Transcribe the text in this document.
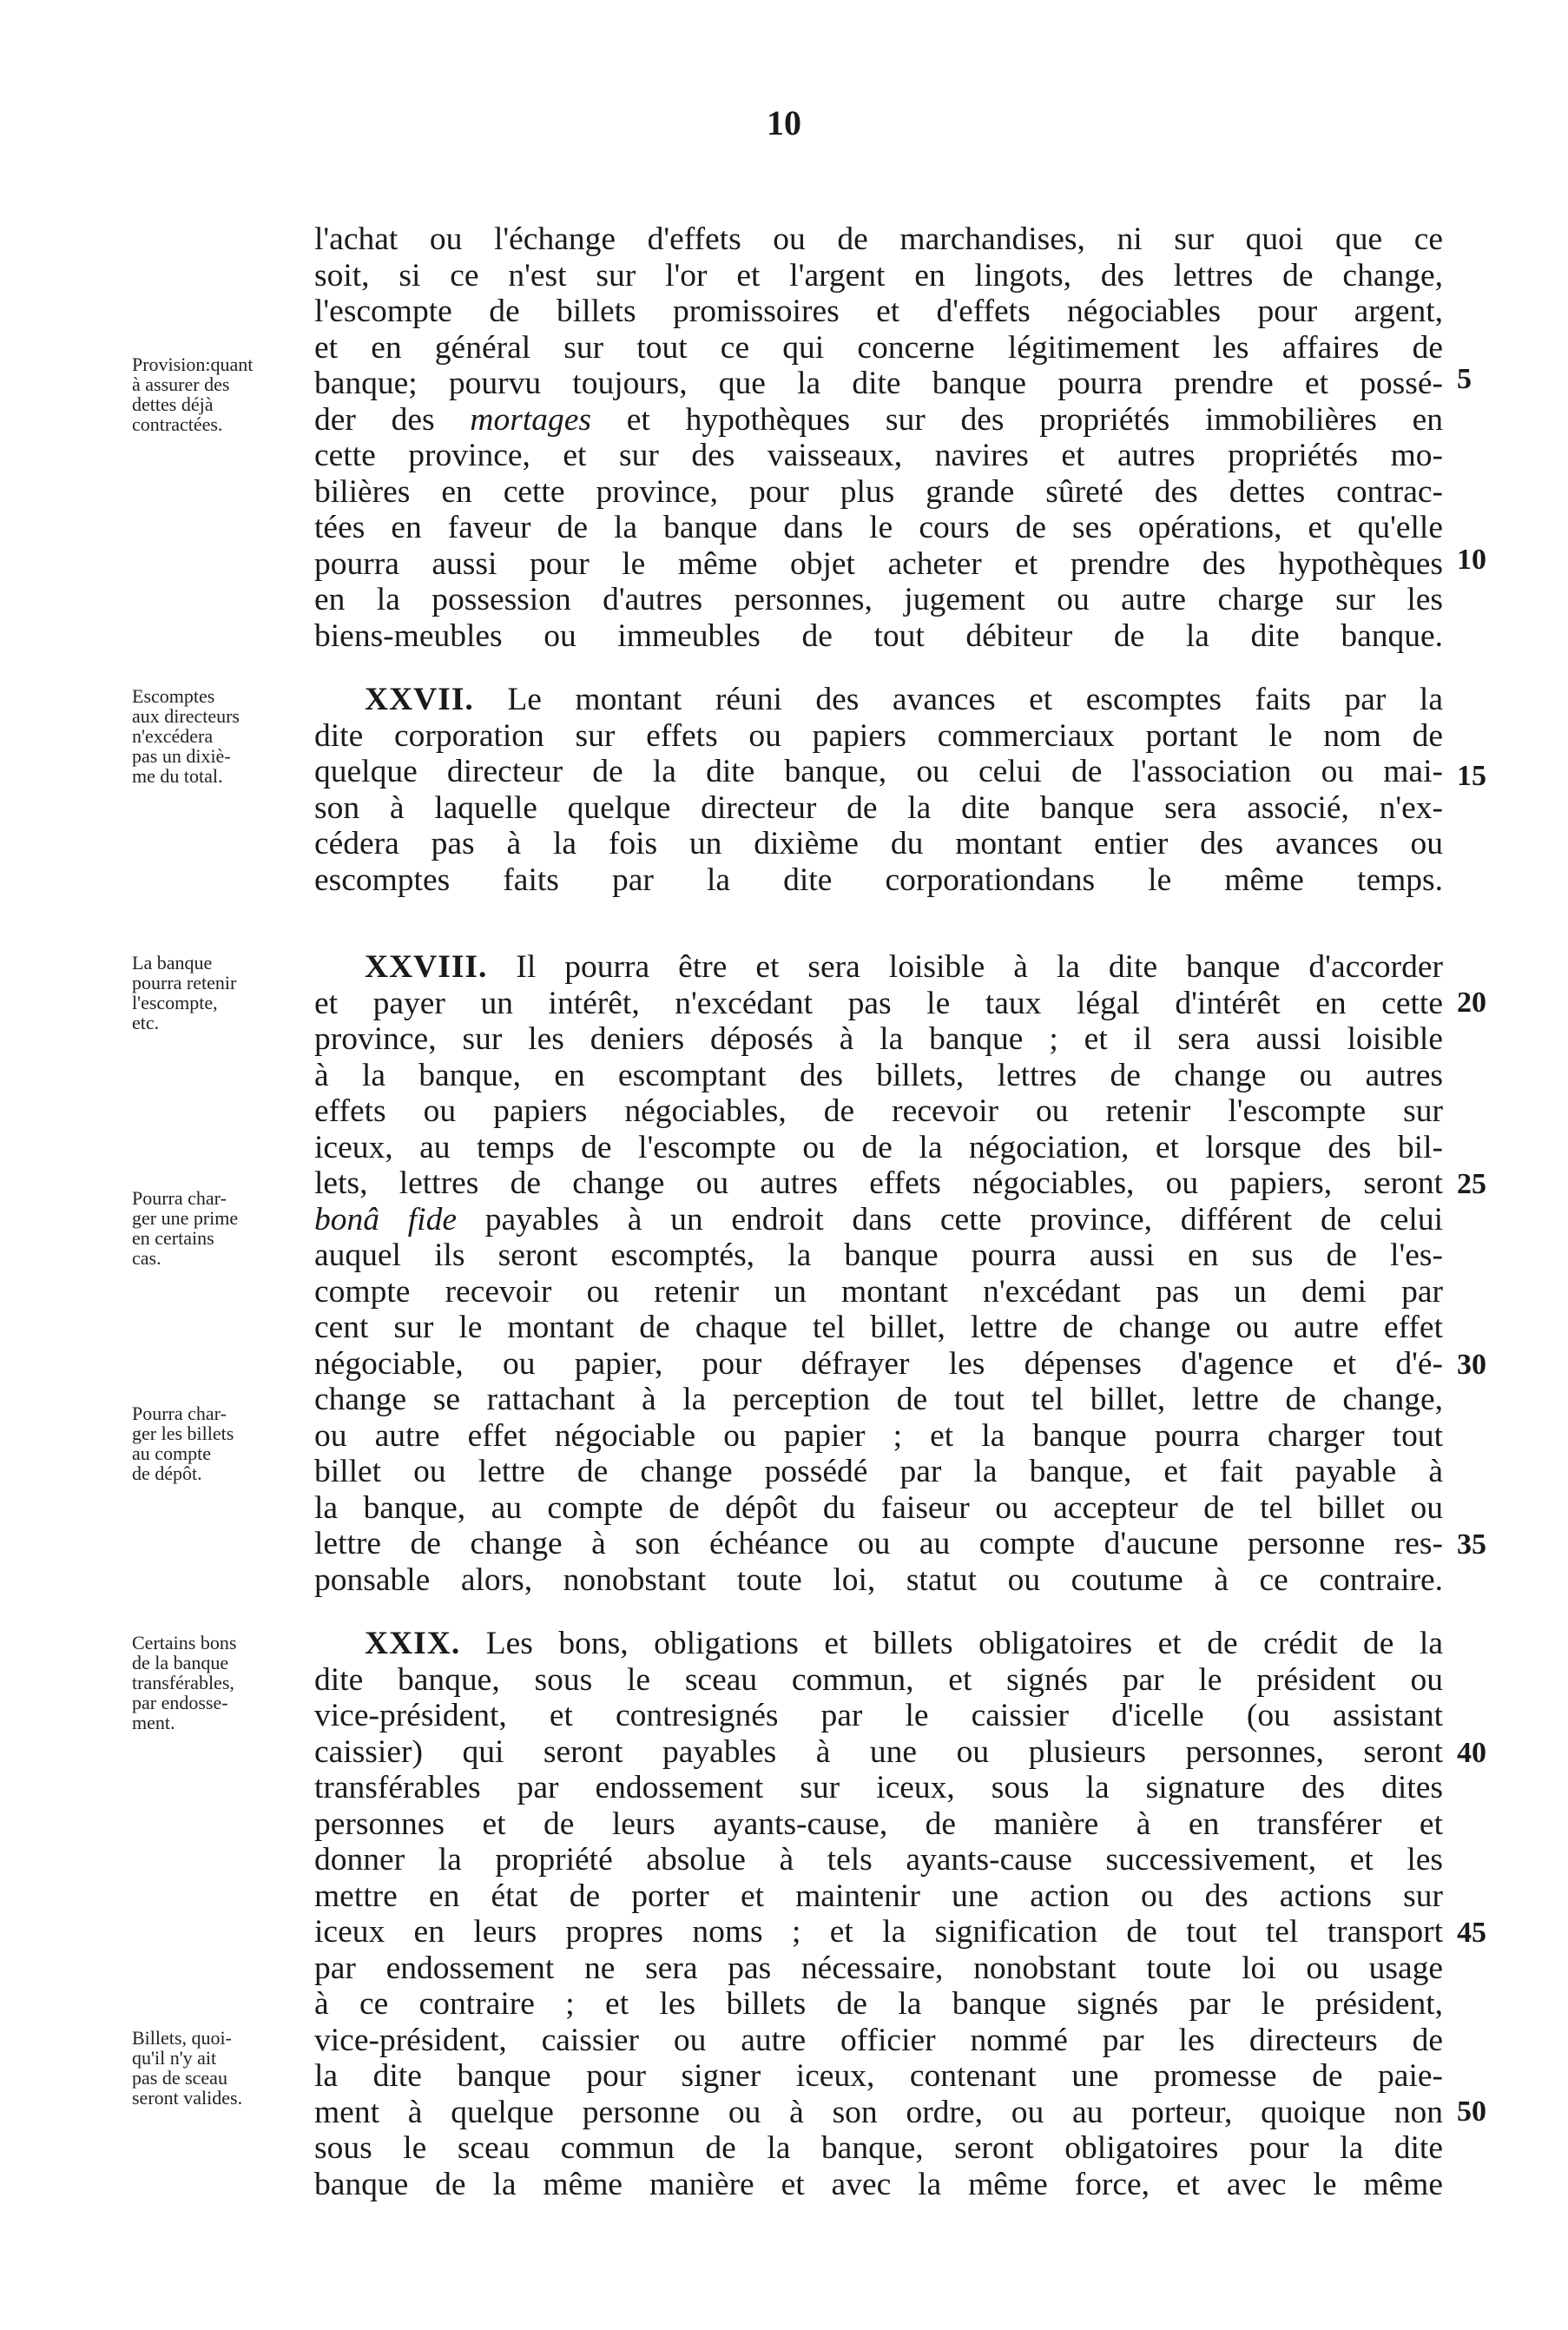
10
l'achat ou l'échange d'effets ou de marchandises, ni sur quoi que ce
soit, si ce n'est sur l'or et l'argent en lingots, des lettres de change,
l'escompte de billets promissoires et d'effets négociables pour argent,
et en général sur tout ce qui concerne légitimement les affaires de
banque; pourvu toujours, que la dite banque pourra prendre et possé-
der des mortages et hypothèques sur des propriétés immobilières en
cette province, et sur des vaisseaux, navires et autres propriétés mo-
bilières en cette province, pour plus grande sûreté des dettes contrac-
tées en faveur de la banque dans le cours de ses opérations, et qu'elle
pourra aussi pour le même objet acheter et prendre des hypothèques
en la possession d'autres personnes, jugement ou autre charge sur les
biens-meubles ou immeubles de tout débiteur de la dite banque.
XXVII. Le montant réuni des avances et escomptes faits par la
dite corporation sur effets ou papiers commerciaux portant le nom de
quelque directeur de la dite banque, ou celui de l'association ou mai-
son à laquelle quelque directeur de la dite banque sera associé, n'ex-
cédera pas à la fois un dixième du montant entier des avances ou
escomptes faits par la dite corporationdans le même temps.
XXVIII. Il pourra être et sera loisible à la dite banque d'accorder
et payer un intérêt, n'excédant pas le taux légal d'intérêt en cette
province, sur les deniers déposés à la banque ; et il sera aussi loisible
à la banque, en escomptant des billets, lettres de change ou autres
effets ou papiers négociables, de recevoir ou retenir l'escompte sur
iceux, au temps de l'escompte ou de la négociation, et lorsque des bil-
lets, lettres de change ou autres effets négociables, ou papiers, seront
bonâ fide payables à un endroit dans cette province, différent de celui
auquel ils seront escomptés, la banque pourra aussi en sus de l'es-
compte recevoir ou retenir un montant n'excédant pas un demi par
cent sur le montant de chaque tel billet, lettre de change ou autre effet
négociable, ou papier, pour défrayer les dépenses d'agence et d'é-
change se rattachant à la perception de tout tel billet, lettre de change,
ou autre effet négociable ou papier ; et la banque pourra charger tout
billet ou lettre de change possédé par la banque, et fait payable à
la banque, au compte de dépôt du faiseur ou accepteur de tel billet ou
lettre de change à son échéance ou au compte d'aucune personne res-
ponsable alors, nonobstant toute loi, statut ou coutume à ce contraire.
XXIX. Les bons, obligations et billets obligatoires et de crédit de la
dite banque, sous le sceau commun, et signés par le président ou
vice-président, et contresignés par le caissier d'icelle (ou assistant
caissier) qui seront payables à une ou plusieurs personnes, seront
transférables par endossement sur iceux, sous la signature des dites
personnes et de leurs ayants-cause, de manière à en transférer et
donner la propriété absolue à tels ayants-cause successivement, et les
mettre en état de porter et maintenir une action ou des actions sur
iceux en leurs propres noms ; et la signification de tout tel transport
par endossement ne sera pas nécessaire, nonobstant toute loi ou usage
à ce contraire ; et les billets de la banque signés par le président,
vice-président, caissier ou autre officier nommé par les directeurs de
la dite banque pour signer iceux, contenant une promesse de paie-
ment à quelque personne ou à son ordre, ou au porteur, quoique non
sous le sceau commun de la banque, seront obligatoires pour la dite
banque de la même manière et avec la même force, et avec le même
Provision:quant
à assurer des
dettes déjà
contractées.
Escomptes
aux directeurs
n'excédera
pas un dixiè-
me du total.
La banque
pourra retenir
l'escompte,
etc.
Pourra char-
ger une prime
en certains
cas.
Pourra char-
ger les billets
au compte
de dépôt.
Certains bons
de la banque
transférables,
par endosse-
ment.
Billets, quoi-
qu'il n'y ait
pas de sceau
seront valides.
5
10
15
20
25
30
35
40
45
50
